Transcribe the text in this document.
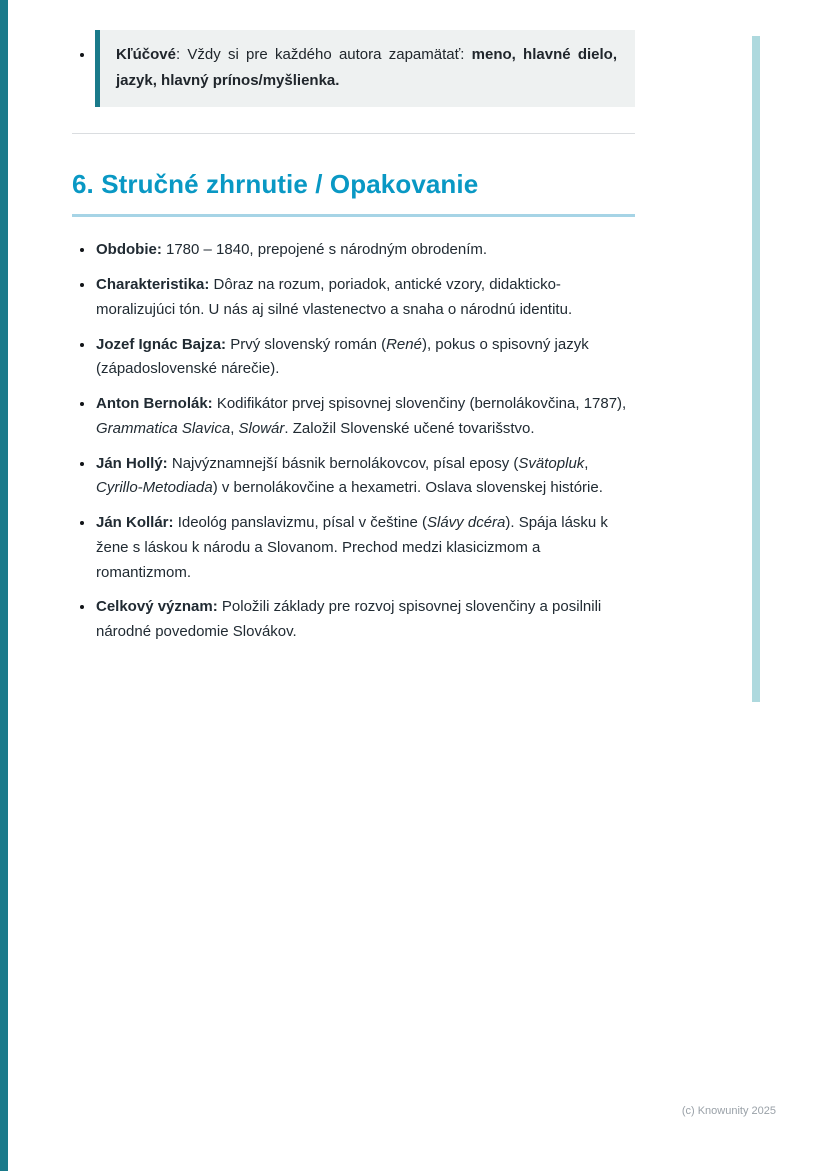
• Kľúčové: Vždy si pre každého autora zapamätať: meno, hlavné dielo, jazyk, hlavný prínos/myšlienka.
6. Stručné zhrnutie / Opakovanie
• Obdobie: 1780 – 1840, prepojené s národným obrodením.
• Charakteristika: Dôraz na rozum, poriadok, antické vzory, didakticko-moralizujúci tón. U nás aj silné vlastenectvo a snaha o národnú identitu.
• Jozef Ignác Bajza: Prvý slovenský román (René), pokus o spisovný jazyk (západoslovenské nárečie).
• Anton Bernolák: Kodifikátor prvej spisovnej slovenčiny (bernolákovčina, 1787), Grammatica Slavica, Slowár. Založil Slovenské učené tovarišstvo.
• Ján Hollý: Najvýznamnejší básnik bernolákovcov, písal eposy (Svätopluk, Cyrillo-Metodiada) v bernolákovčine a hexametri. Oslava slovenskej histórie.
• Ján Kollár: Ideológ panslavizmu, písal v češtine (Slávy dcéra). Spája lásku k žene s láskou k národu a Slovanom. Prechod medzi klasicizmom a romantizmom.
• Celkový význam: Položili základy pre rozvoj spisovnej slovenčiny a posilnili národné povedomie Slovákov.
(c) Knowunity 2025
